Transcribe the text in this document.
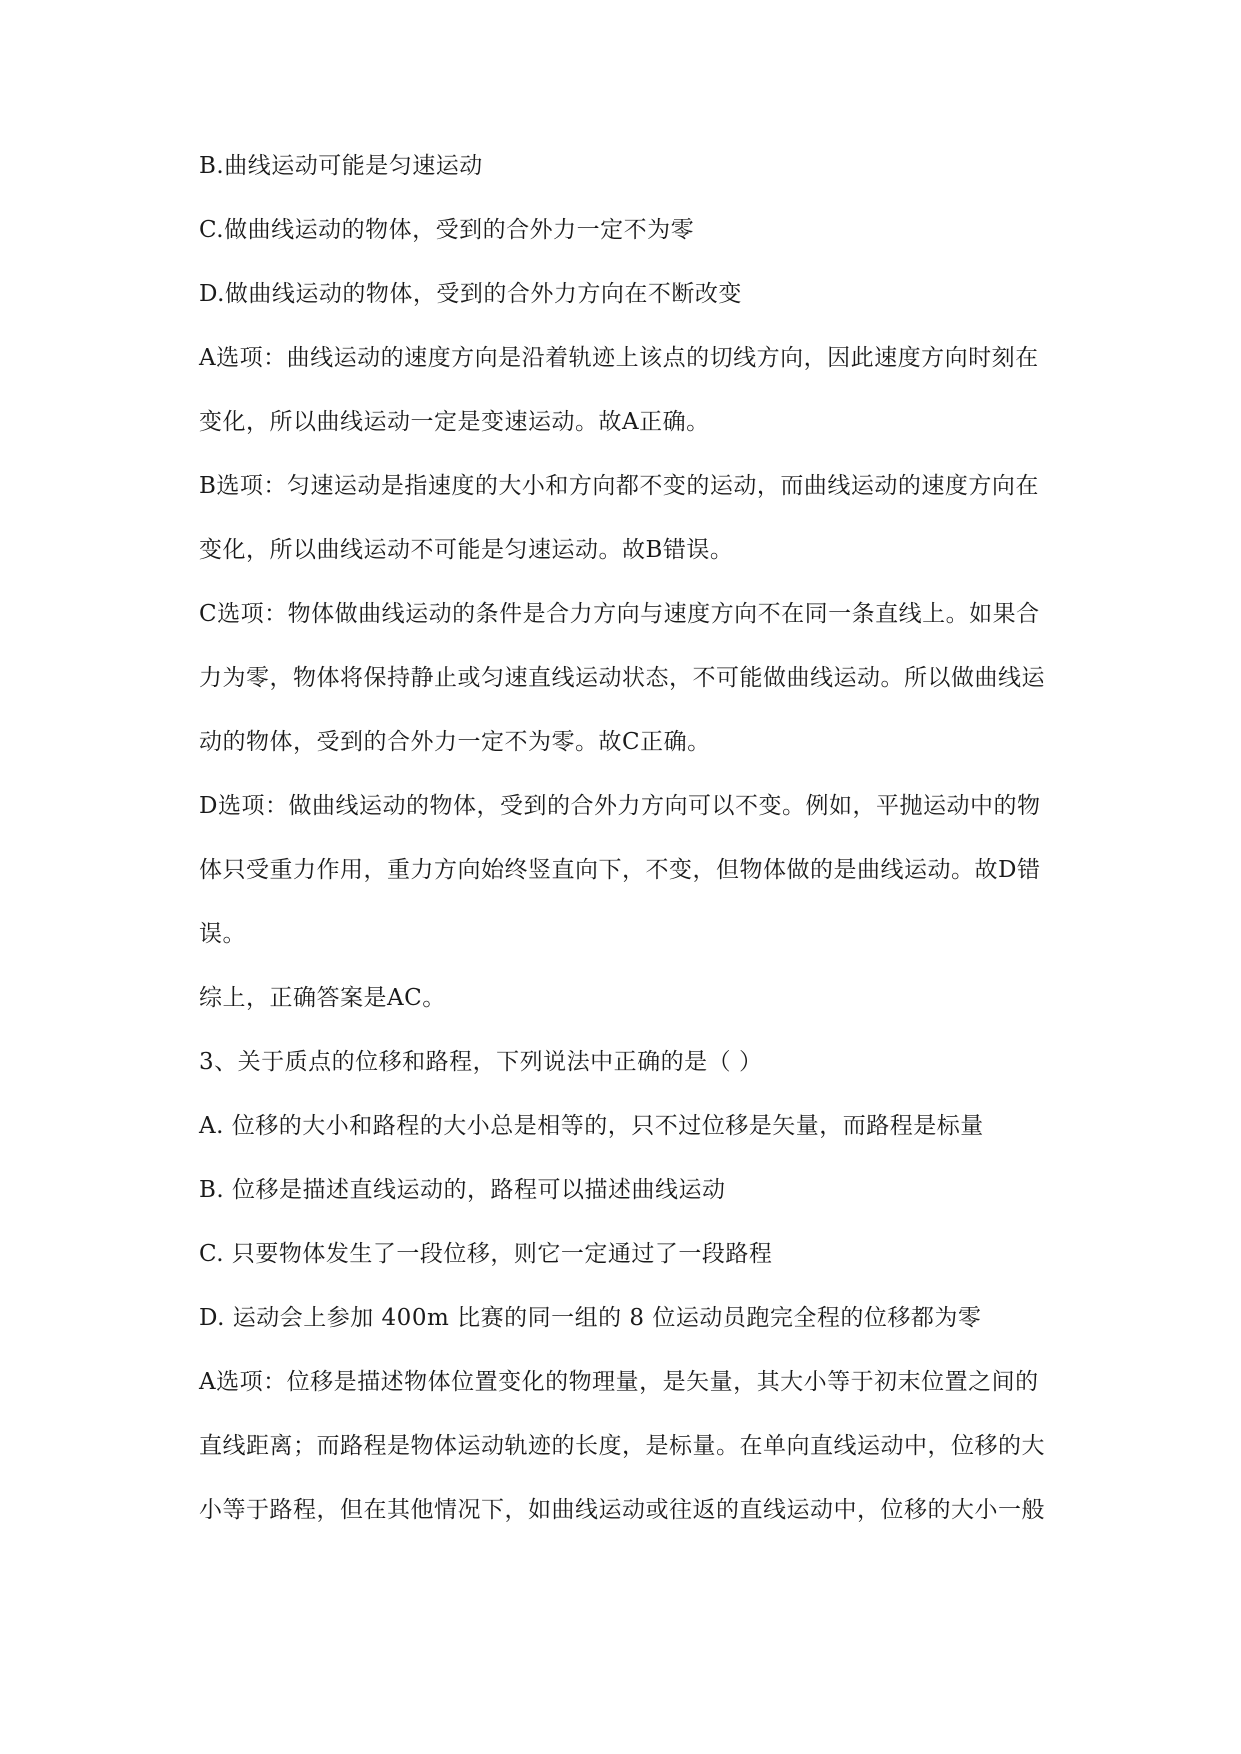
B.曲线运动可能是匀速运动
C.做曲线运动的物体，受到的合外力一定不为零
D.做曲线运动的物体，受到的合外力方向在不断改变
A选项：曲线运动的速度方向是沿着轨迹上该点的切线方向，因此速度方向时刻在
变化，所以曲线运动一定是变速运动。故A正确。
B选项：匀速运动是指速度的大小和方向都不变的运动，而曲线运动的速度方向在
变化，所以曲线运动不可能是匀速运动。故B错误。
C选项：物体做曲线运动的条件是合力方向与速度方向不在同一条直线上。如果合
力为零，物体将保持静止或匀速直线运动状态，不可能做曲线运动。所以做曲线运
动的物体，受到的合外力一定不为零。故C正确。
D选项：做曲线运动的物体，受到的合外力方向可以不变。例如，平抛运动中的物
体只受重力作用，重力方向始终竖直向下，不变，但物体做的是曲线运动。故D错
误。
综上，正确答案是AC。
3、关于质点的位移和路程，下列说法中正确的是（ ）
A. 位移的大小和路程的大小总是相等的，只不过位移是矢量，而路程是标量
B. 位移是描述直线运动的，路程可以描述曲线运动
C. 只要物体发生了一段位移，则它一定通过了一段路程
D. 运动会上参加 400m 比赛的同一组的 8 位运动员跑完全程的位移都为零
A选项：位移是描述物体位置变化的物理量，是矢量，其大小等于初末位置之间的
直线距离；而路程是物体运动轨迹的长度，是标量。在单向直线运动中，位移的大
小等于路程，但在其他情况下，如曲线运动或往返的直线运动中，位移的大小一般
